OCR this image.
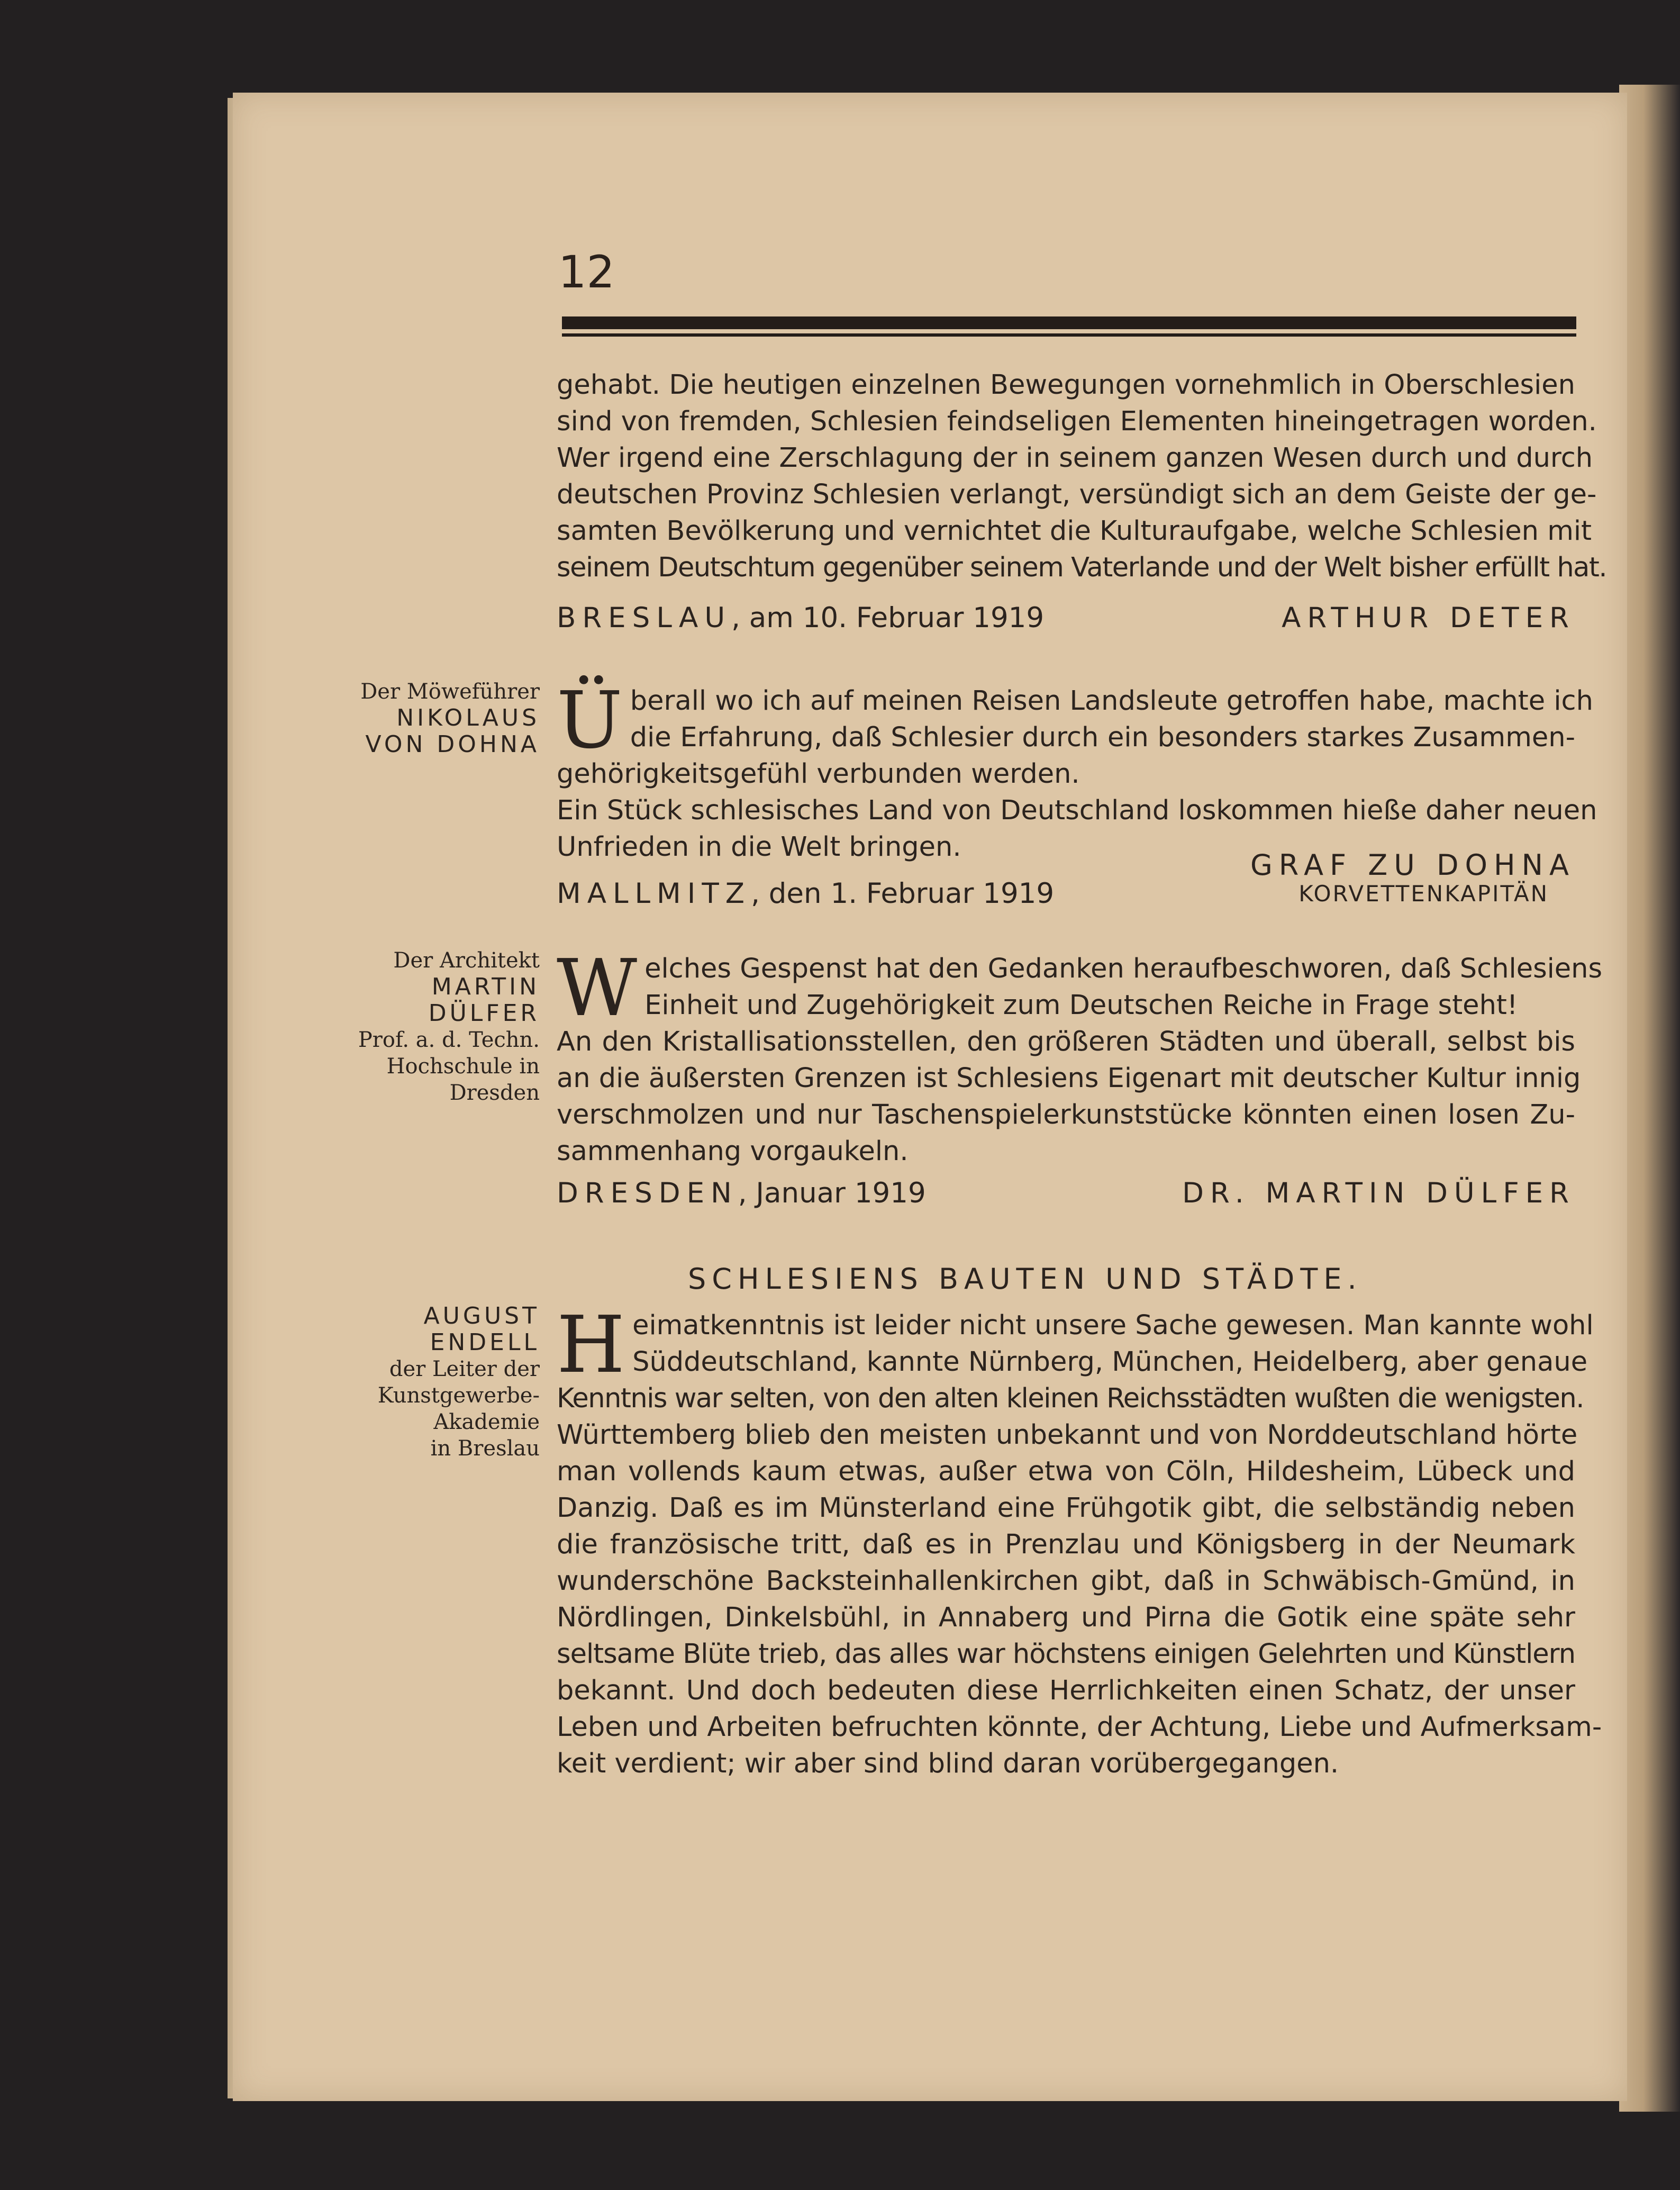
12
gehabt. Die heutigen einzelnen Bewegungen vornehmlich in Oberschlesien
sind von fremden, Schlesien feindseligen Elementen hineingetragen worden.
Wer irgend eine Zerschlagung der in seinem ganzen Wesen durch und durch
deutschen Provinz Schlesien verlangt, versündigt sich an dem Geiste der ge-
samten Bevölkerung und vernichtet die Kulturaufgabe, welche Schlesien mit
seinem Deutschtum gegenüber seinem Vaterlande und der Welt bisher erfüllt hat.
BRESLAU, am 10. Februar 1919	ARTHUR DETER
Der Möweführer
NIKOLAUS
VON DOHNA Ü berall wo ich auf meinen Reisen Landsleute getroffen habe, machte ich
die Erfahrung, daß Schlesier durch ein besonders starkes Zusammen-
gehörigkeitsgefühl verbunden werden.
Ein Stück schlesisches Land von Deutschland loskommen hieße daher neuen
Unfrieden in die Welt bringen.
GRAF ZU DOHNA
MALLMITZ, den 1. Februar 1919	KORVETTENKAPITÄN
Der Architekt
MARTIN
DÜLFER
Prof. a. d. Techn.
Hochschule in
Dresden
W elches Gespenst hat den Gedanken heraufbeschworen, daß Schlesiens
Einheit und Zugehörigkeit zum Deutschen Reiche in Frage steht!
An den Kristallisationsstellen, den größeren Städten und überall, selbst bis
an die äußersten Grenzen ist Schlesiens Eigenart mit deutscher Kultur innig
verschmolzen und nur Taschenspielerkunststücke könnten einen losen Zu-
sammenhang vorgaukeln.
DRESDEN, Januar 1919	DR. MARTIN DÜLFER
SCHLESIENS BAUTEN UND STÄDTE.
AUGUST
ENDELL
der Leiter der
Kunstgewerbe-
Akademie
in Breslau
H eimatkenntnis ist leider nicht unsere Sache gewesen. Man kannte wohl
Süddeutschland, kannte Nürnberg, München, Heidelberg, aber genaue
Kenntnis war selten, von den alten kleinen Reichsstädten wußten die wenigsten.
Württemberg blieb den meisten unbekannt und von Norddeutschland hörte
man vollends kaum etwas, außer etwa von Cöln, Hildesheim, Lübeck und
Danzig. Daß es im Münsterland eine Frühgotik gibt, die selbständig neben
die französische tritt, daß es in Prenzlau und Königsberg in der Neumark
wunderschöne Backsteinhallenkirchen gibt, daß in Schwäbisch-Gmünd, in
Nördlingen, Dinkelsbühl, in Annaberg und Pirna die Gotik eine späte sehr
seltsame Blüte trieb, das alles war höchstens einigen Gelehrten und Künstlern
bekannt. Und doch bedeuten diese Herrlichkeiten einen Schatz, der unser
Leben und Arbeiten befruchten könnte, der Achtung, Liebe und Aufmerksam-
keit verdient; wir aber sind blind daran vorübergegangen.
